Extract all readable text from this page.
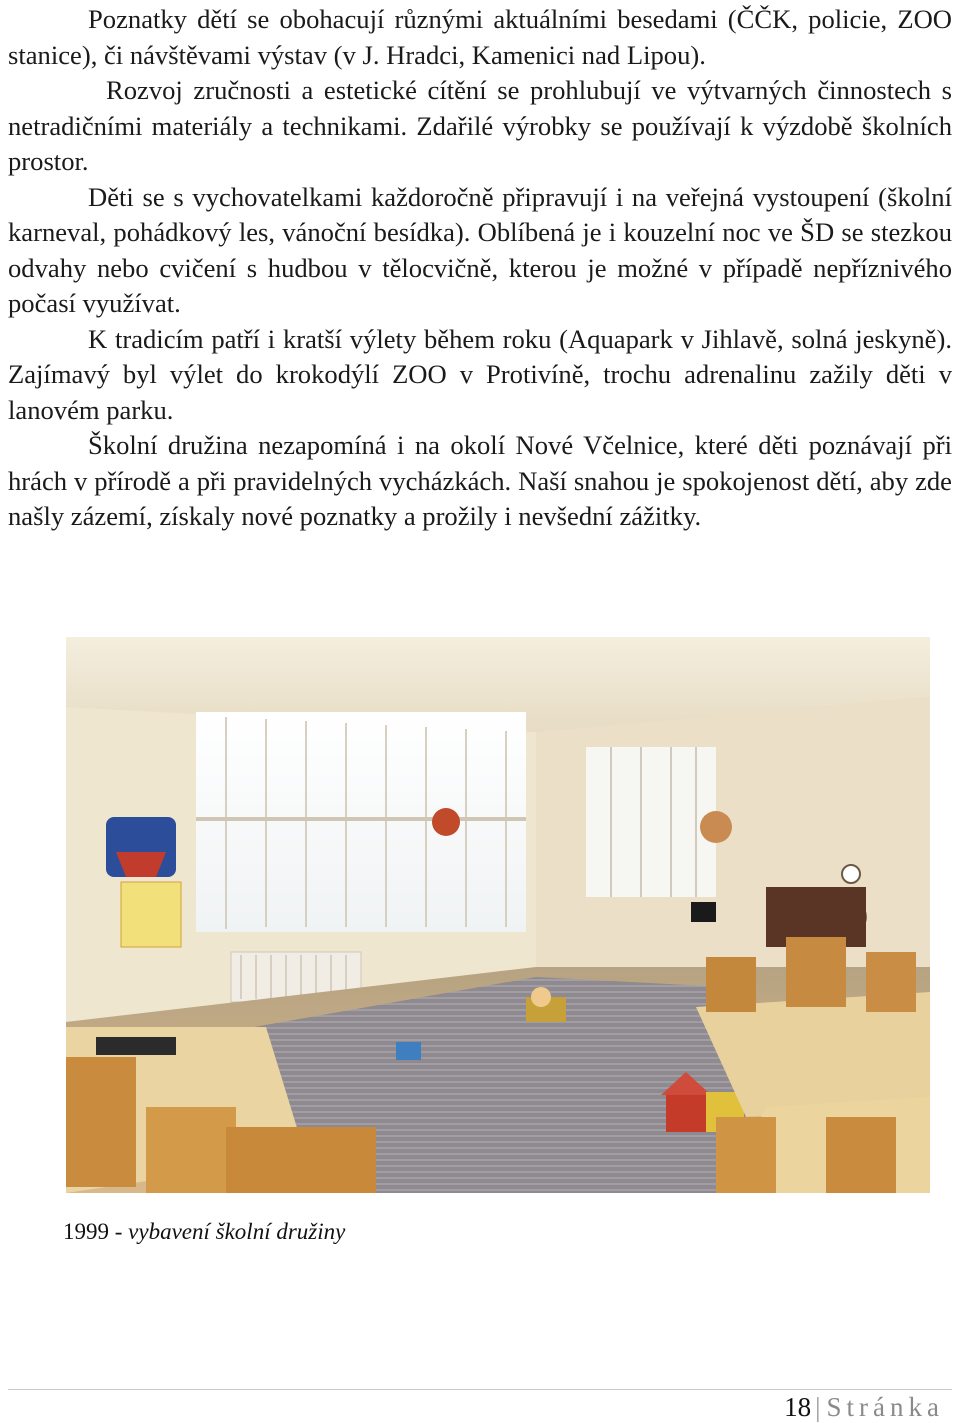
Poznatky dětí se obohacují různými aktuálními besedami (ČČK, policie, ZOO stanice), či návštěvami výstav (v J. Hradci, Kamenici nad Lipou).

Rozvoj zručnosti a estetické cítění se prohlubují ve výtvarných činnostech s netradičními materiály a technikami. Zdařilé výrobky se používají k výzdobě školních prostor.

Děti se s vychovatelkami každoročně připravují i na veřejná vystoupení (školní karneval, pohádkový les, vánoční besídka). Oblíbená je i kouzelní noc ve ŠD se stezkou odvahy nebo cvičení s hudbou v tělocvičně, kterou je možné v případě nepříznivého počasí využívat.

K tradicím patří i kratší výlety během roku (Aquapark v Jihlavě, solná jeskyně). Zajímavý byl výlet do krokodýlí ZOO v Protivíně, trochu adrenalinu zažily děti v lanovém parku.

Školní družina nezapomíná i na okolí Nové Včelnice, které děti poznávají při hrách v přírodě a při pravidelných vycházkách. Naší snahou je spokojenost dětí, aby zde našly zázemí, získaly nové poznatky a prožily i nevšední zážitky.

1999 - vybavení školní družiny
18 | Stránka
